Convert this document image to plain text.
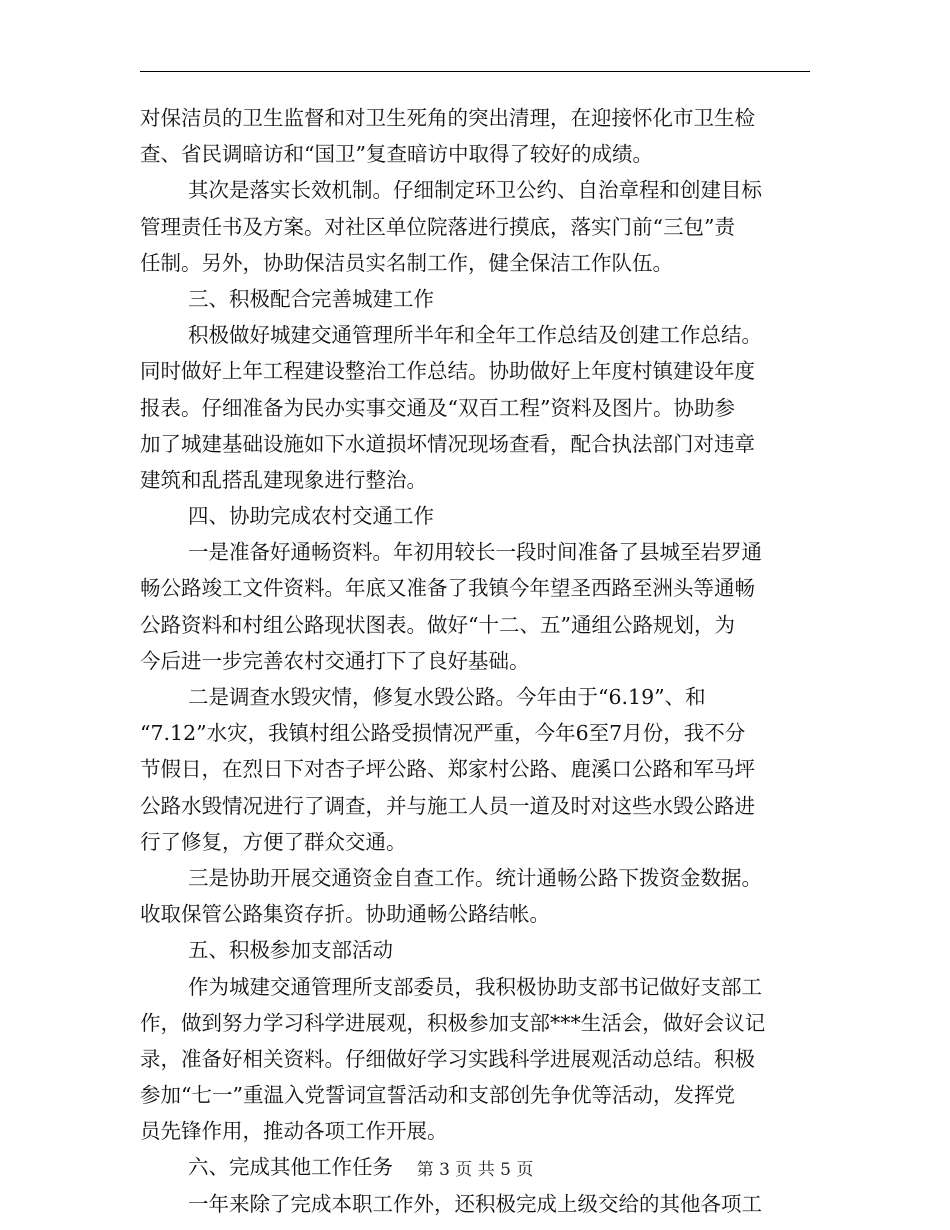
对保洁员的卫生监督和对卫生死角的突出清理，在迎接怀化市卫生检
查、省民调暗访和“国卫”复查暗访中取得了较好的成绩。
其次是落实长效机制。仔细制定环卫公约、自治章程和创建目标
管理责任书及方案。对社区单位院落进行摸底，落实门前“三包”责
任制。另外，协助保洁员实名制工作，健全保洁工作队伍。
三、积极配合完善城建工作
积极做好城建交通管理所半年和全年工作总结及创建工作总结。
同时做好上年工程建设整治工作总结。协助做好上年度村镇建设年度
报表。仔细准备为民办实事交通及“双百工程”资料及图片。协助参
加了城建基础设施如下水道损坏情况现场查看，配合执法部门对违章
建筑和乱搭乱建现象进行整治。
四、协助完成农村交通工作
一是准备好通畅资料。年初用较长一段时间准备了县城至岩罗通
畅公路竣工文件资料。年底又准备了我镇今年望圣西路至洲头等通畅
公路资料和村组公路现状图表。做好“十二、五”通组公路规划，为
今后进一步完善农村交通打下了良好基础。
二是调查水毁灾情，修复水毁公路。今年由于“6.19”、和
“7.12”水灾，我镇村组公路受损情况严重，今年6至7月份，我不分
节假日，在烈日下对杏子坪公路、郑家村公路、鹿溪口公路和军马坪
公路水毁情况进行了调查，并与施工人员一道及时对这些水毁公路进
行了修复，方便了群众交通。
三是协助开展交通资金自查工作。统计通畅公路下拨资金数据。
收取保管公路集资存折。协助通畅公路结帐。
五、积极参加支部活动
作为城建交通管理所支部委员，我积极协助支部书记做好支部工
作，做到努力学习科学进展观，积极参加支部***生活会，做好会议记
录，准备好相关资料。仔细做好学习实践科学进展观活动总结。积极
参加“七一”重温入党誓词宣誓活动和支部创先争优等活动，发挥党
员先锋作用，推动各项工作开展。
六、完成其他工作任务
一年来除了完成本职工作外，还积极完成上级交给的其他各项工
第 3 页 共 5 页
